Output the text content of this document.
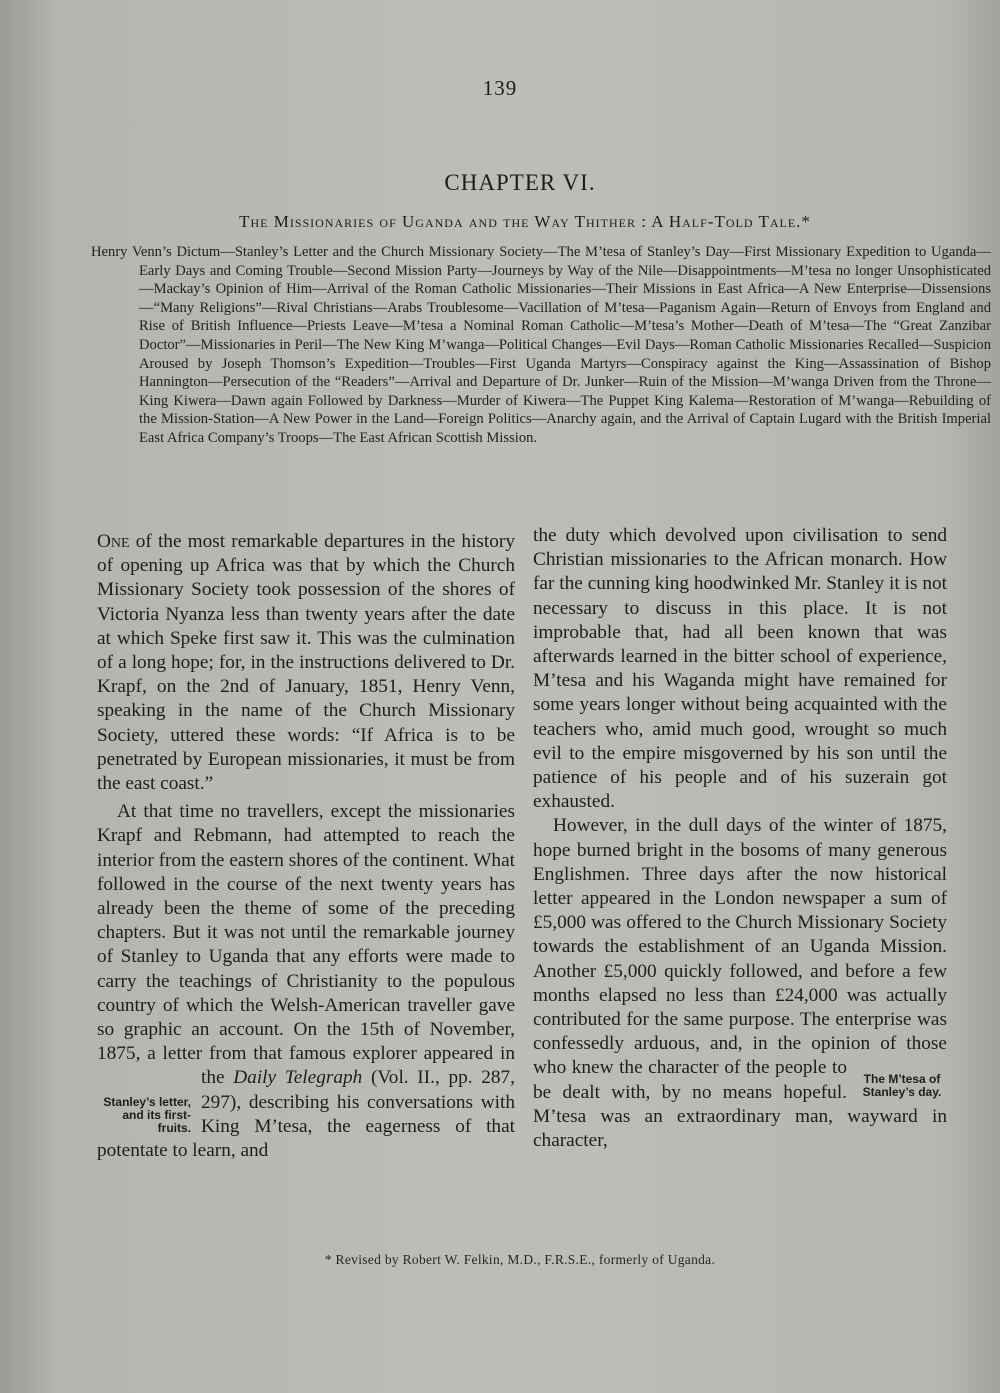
139
CHAPTER VI.
The Missionaries of Uganda and the Way Thither : A Half-Told Tale.*
Henry Venn’s Dictum—Stanley’s Letter and the Church Missionary Society—The M’tesa of Stanley’s Day—First Missionary Expedition to Uganda—Early Days and Coming Trouble—Second Mission Party—Journeys by Way of the Nile—Disappointments—M’tesa no longer Unsophisticated—Mackay’s Opinion of Him—Arrival of the Roman Catholic Missionaries—Their Missions in East Africa—A New Enterprise—Dissensions—“Many Religions”—Rival Christians—Arabs Troublesome—Vacillation of M’tesa—Paganism Again—Return of Envoys from England and Rise of British Influence—Priests Leave—M’tesa a Nominal Roman Catholic—M’tesa’s Mother—Death of M’tesa—The “Great Zanzibar Doctor”—Missionaries in Peril—The New King M’wanga—Political Changes—Evil Days—Roman Catholic Missionaries Recalled—Suspicion Aroused by Joseph Thomson’s Expedition—Troubles—First Uganda Martyrs—Conspiracy against the King—Assassination of Bishop Hannington—Persecution of the “Readers”—Arrival and Departure of Dr. Junker—Ruin of the Mission—M’wanga Driven from the Throne—King Kiwera—Dawn again Followed by Darkness—Murder of Kiwera—The Puppet King Kalema—Restoration of M’wanga—Rebuilding of the Mission-Station—A New Power in the Land—Foreign Politics—Anarchy again, and the Arrival of Captain Lugard with the British Imperial East Africa Company’s Troops—The East African Scottish Mission.

One of the most remarkable departures in the history of opening up Africa was that by which the Church Missionary Society took possession of the shores of Victoria Nyanza less than twenty years after the date at which Speke first saw it. This was the culmination of a long hope; for, in the instructions delivered to Dr. Krapf, on the 2nd of January, 1851, Henry Venn, speaking in the name of the Church Missionary Society, uttered these words: “If Africa is to be penetrated by European missionaries, it must be from the east coast.”

At that time no travellers, except the missionaries Krapf and Rebmann, had attempted to reach the interior from the eastern shores of the continent. What followed in the course of the next twenty years has already been the theme of some of the preceding chapters. But it was not until the remarkable journey of Stanley to Uganda that any efforts were made to carry the teachings of Christianity to the populous country of which the Welsh-American traveller gave so graphic an account. On the 15th of November, 1875, a letter from that famous explorer appeared in the
Stanley’s letter, and its first-fruits.
Daily Telegraph (Vol. II., pp. 287, 297), describing his conversations with King M’tesa, the eagerness of that potentate to learn, and

the duty which devolved upon civilisation to send Christian missionaries to the African monarch. How far the cunning king hoodwinked Mr. Stanley it is not necessary to discuss in this place. It is not improbable that, had all been known that was afterwards learned in the bitter school of experience, M’tesa and his Waganda might have remained for some years longer without being acquainted with the teachers who, amid much good, wrought so much evil to the empire misgoverned by his son until the patience of his people and of his suzerain got exhausted.

The M’tesa of Stanley’s day.
However, in the dull days of the winter of 1875, hope burned bright in the bosoms of many generous Englishmen. Three days after the now historical letter appeared in the London newspaper a sum of £5,000 was offered to the Church Missionary Society towards the establishment of an Uganda Mission. Another £5,000 quickly followed, and before a few months elapsed no less than £24,000 was actually contributed for the same purpose. The enterprise was confessedly arduous, and, in the opinion of those who knew the character of the people to be dealt with, by no means hopeful. M’tesa was an extraordinary man, wayward in character,

* Revised by Robert W. Felkin, M.D., F.R.S.E., formerly of Uganda.
